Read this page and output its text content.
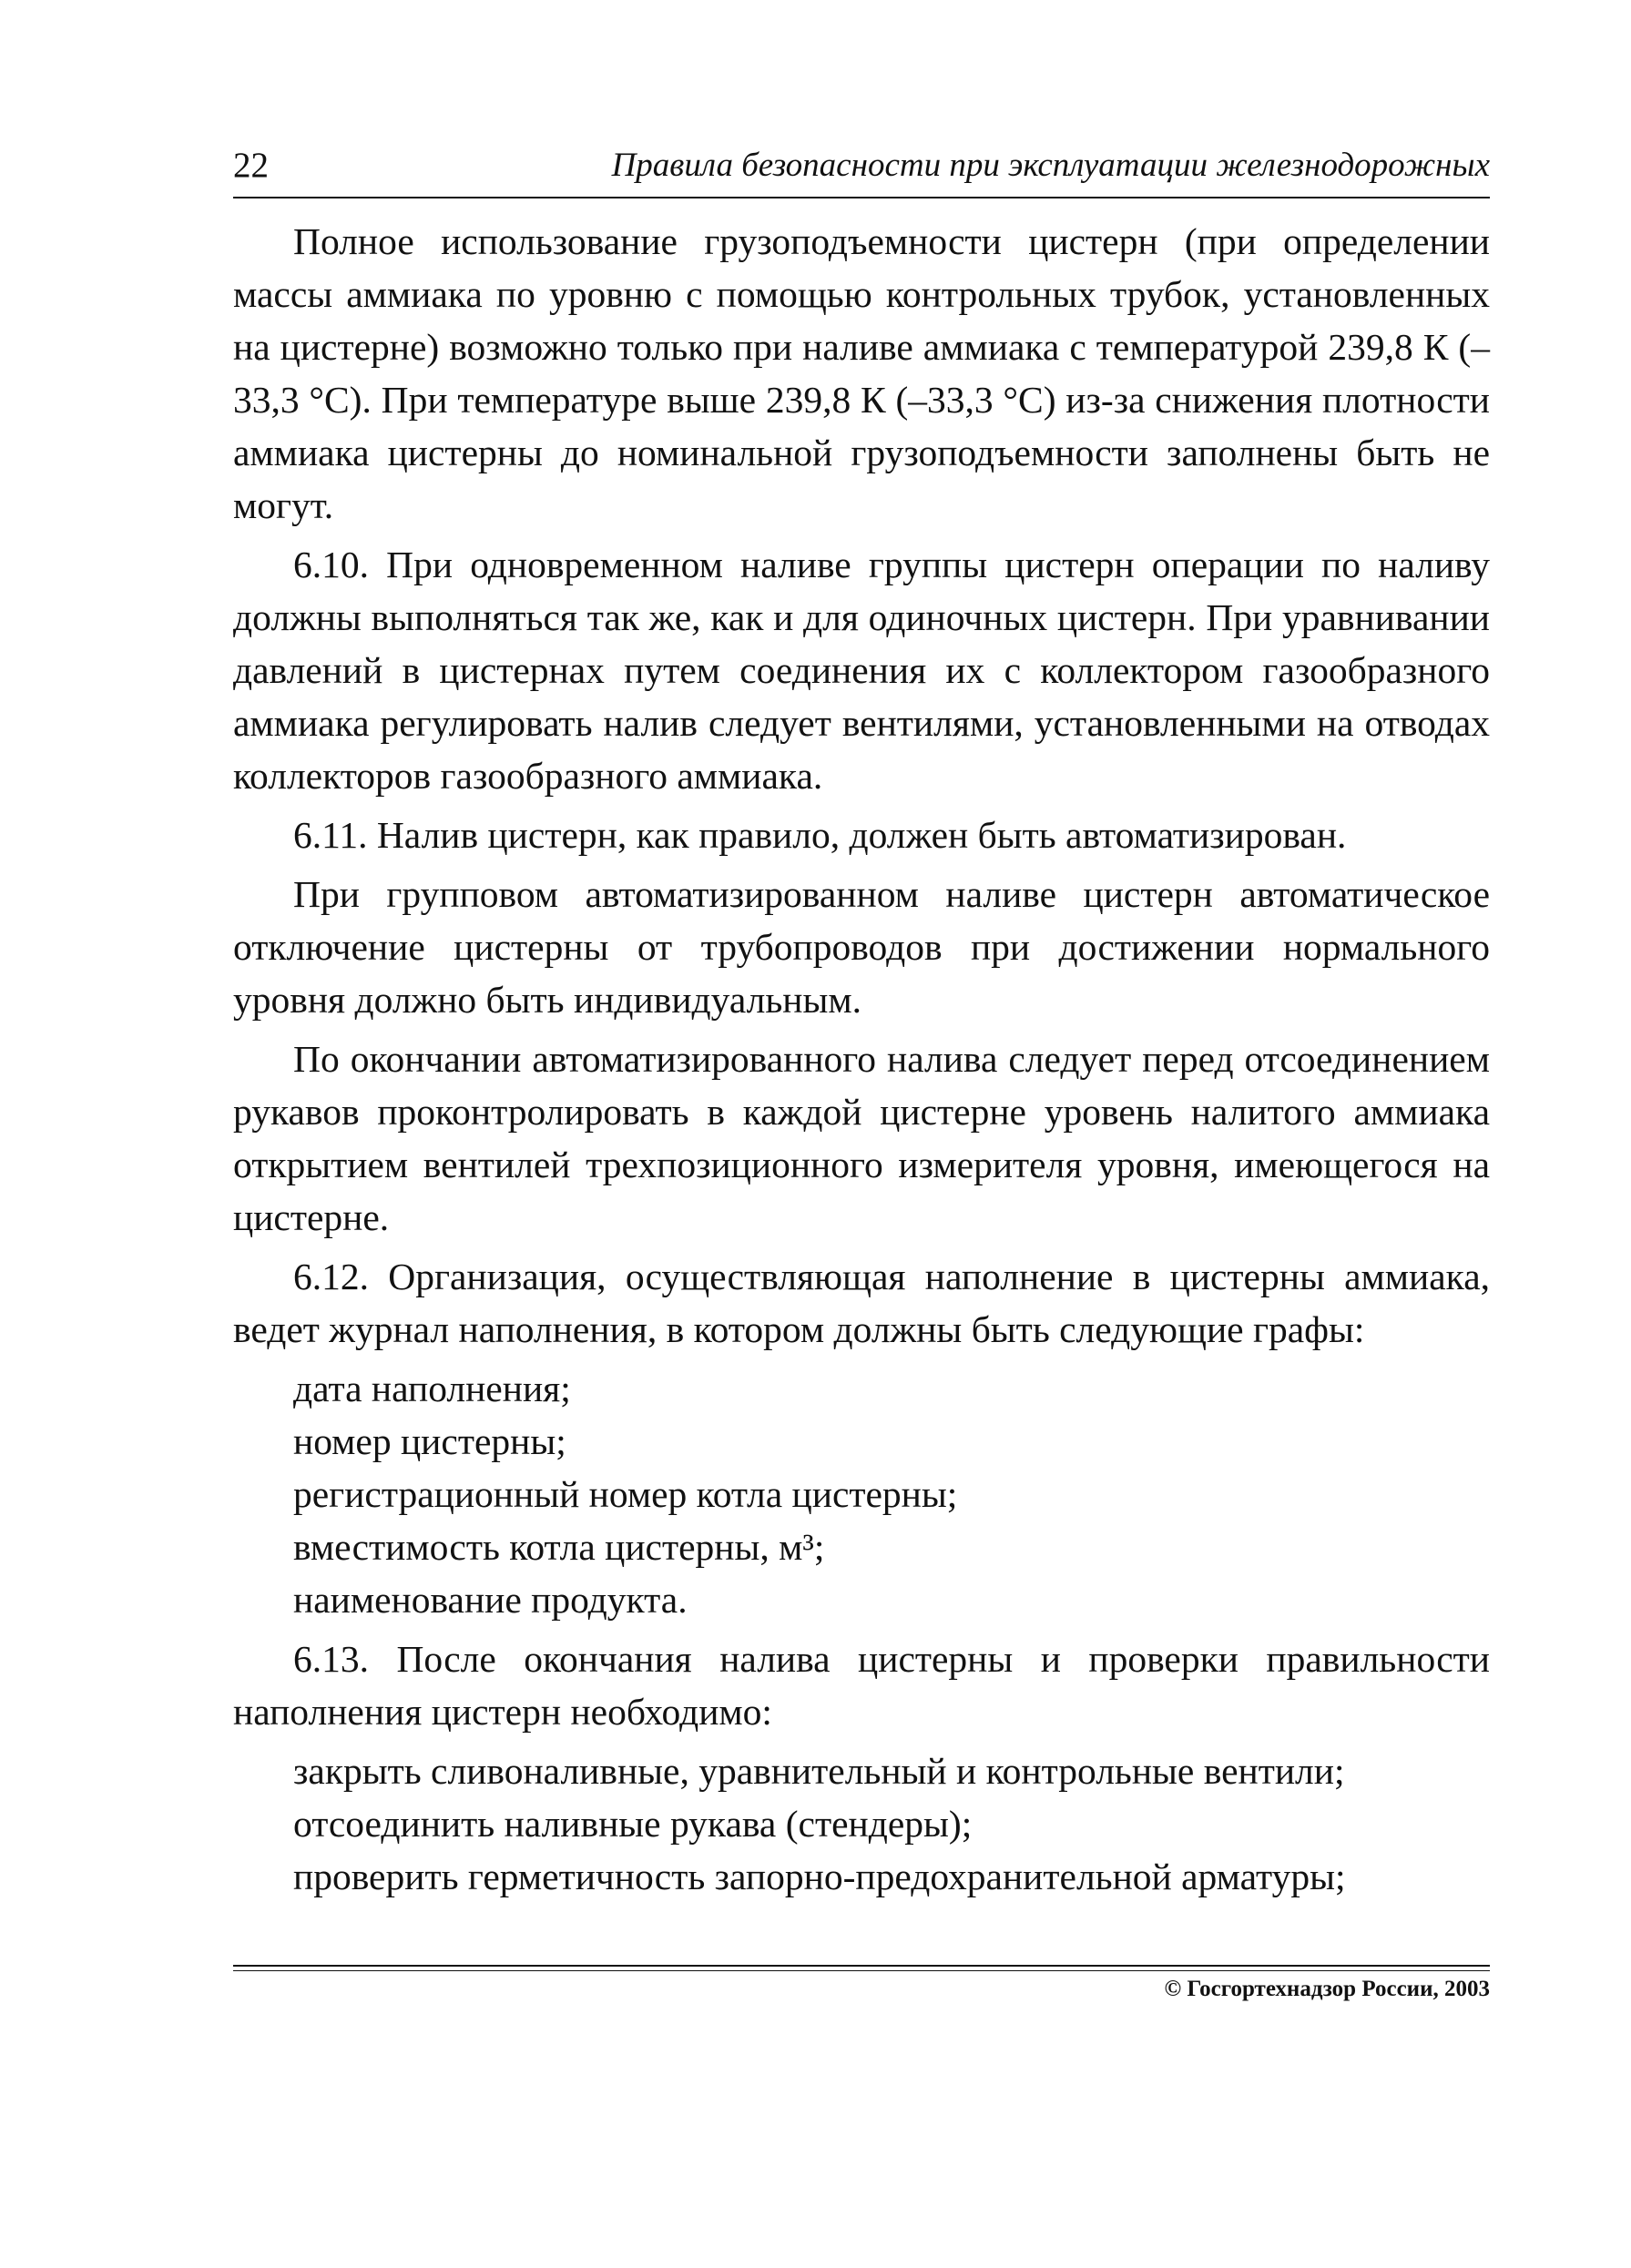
22	Правила безопасности при эксплуатации железнодорожных

Полное использование грузоподъемности цистерн (при определении массы аммиака по уровню с помощью контрольных трубок, установленных на цистерне) возможно только при наливе аммиака с температурой 239,8 К (–33,3 °С). При температуре выше 239,8 К (–33,3 °С) из-за снижения плотности аммиака цистерны до номинальной грузоподъемности заполнены быть не могут.

6.10. При одновременном наливе группы цистерн операции по наливу должны выполняться так же, как и для одиночных цистерн. При уравнивании давлений в цистернах путем соединения их с коллектором газообразного аммиака регулировать налив следует вентилями, установленными на отводах коллекторов газообразного аммиака.

6.11. Налив цистерн, как правило, должен быть автоматизирован.

При групповом автоматизированном наливе цистерн автоматическое отключение цистерны от трубопроводов при достижении нормального уровня должно быть индивидуальным.

По окончании автоматизированного налива следует перед отсоединением рукавов проконтролировать в каждой цистерне уровень налитого аммиака открытием вентилей трехпозиционного измерителя уровня, имеющегося на цистерне.

6.12. Организация, осуществляющая наполнение в цистерны аммиака, ведет журнал наполнения, в котором должны быть следующие графы:

дата наполнения;
номер цистерны;
регистрационный номер котла цистерны;
вместимость котла цистерны, м³;
наименование продукта.

6.13. После окончания налива цистерны и проверки правильности наполнения цистерн необходимо:

закрыть сливоналивные, уравнительный и контрольные вентили;
отсоединить наливные рукава (стендеры);
проверить герметичность запорно-предохранительной арматуры;
© Госгортехнадзор России, 2003
